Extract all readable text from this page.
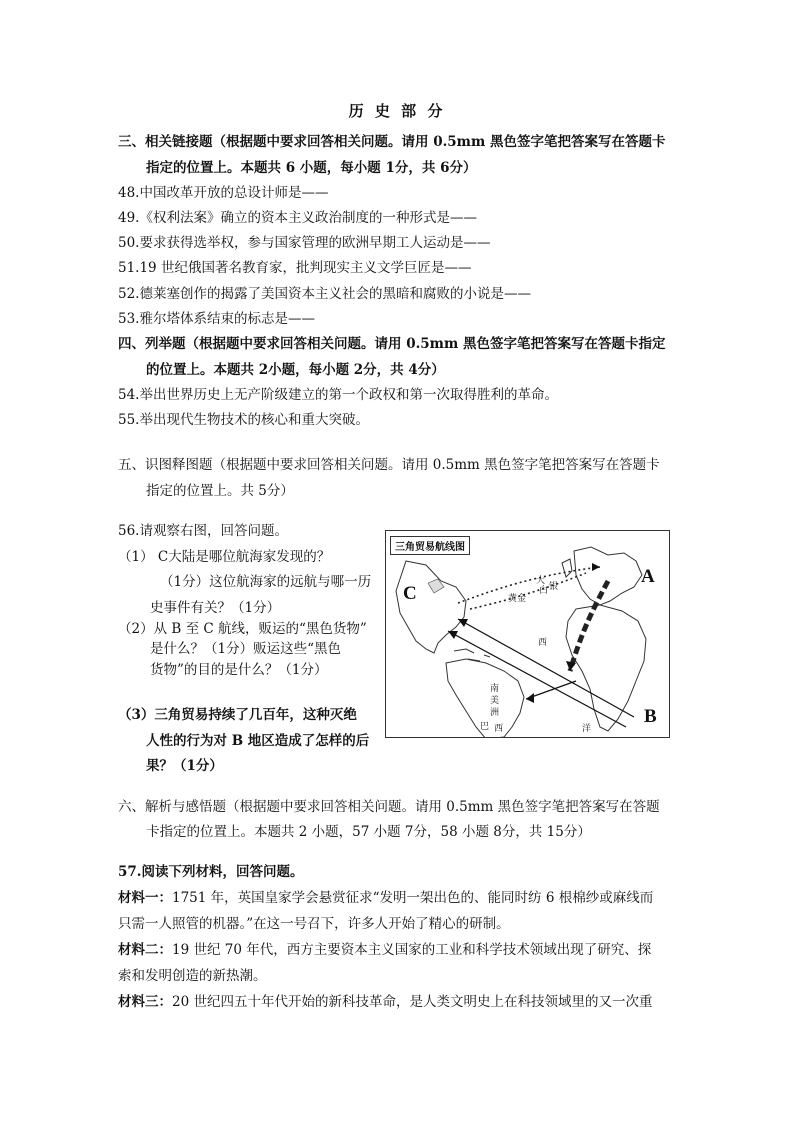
历 史 部 分
三、相关链接题（根据题中要求回答相关问题。请用 0.5mm 黑色签字笔把答案写在答题卡
指定的位置上。本题共 6 小题，每小题 1分，共 6分）
48.中国改革开放的总设计师是——
49.《权利法案》确立的资本主义政治制度的一种形式是——
50.要求获得选举权，参与国家管理的欧洲早期工人运动是——
51.19 世纪俄国著名教育家，批判现实主义文学巨匠是——
52.德莱塞创作的揭露了美国资本主义社会的黑暗和腐败的小说是——
53.雅尔塔体系结束的标志是——
四、列举题（根据题中要求回答相关问题。请用 0.5mm 黑色签字笔把答案写在答题卡指定
的位置上。本题共 2小题，每小题 2分，共 4分）
54.举出世界历史上无产阶级建立的第一个政权和第一次取得胜利的革命。
55.举出现代生物技术的核心和重大突破。
五、识图释图题（根据题中要求回答相关问题。请用 0.5mm 黑色签字笔把答案写在答题卡
指定的位置上。共 5分）
56.请观察右图，回答问题。
（1） C大陆是哪位航海家发现的？
（1分）这位航海家的远航与哪一历
史事件有关？（1分）
（2）从 B 至 C 航线，贩运的“黑色货物”
是什么？（1分）贩运这些“黑色
货物”的目的是什么？（1分）
（3）三角贸易持续了几百年，这种灭绝
人性的行为对 B 地区造成了怎样的后
果？（1分）
三角贸易航线图
A
B
C
大
白 银
黄金
西
洋
南
美
洲
巴 西
六、解析与感悟题（根据题中要求回答相关问题。请用 0.5mm 黑色签字笔把答案写在答题
卡指定的位置上。本题共 2 小题，57 小题 7分，58 小题 8分，共 15分）
57.阅读下列材料，回答问题。
材料一：1751 年，英国皇家学会悬赏征求“发明一架出色的、能同时纺 6 根棉纱或麻线而
只需一人照管的机器。”在这一号召下，许多人开始了精心的研制。
材料二：19 世纪 70 年代，西方主要资本主义国家的工业和科学技术领域出现了研究、探
索和发明创造的新热潮。
材料三：20 世纪四五十年代开始的新科技革命，是人类文明史上在科技领域里的又一次重
